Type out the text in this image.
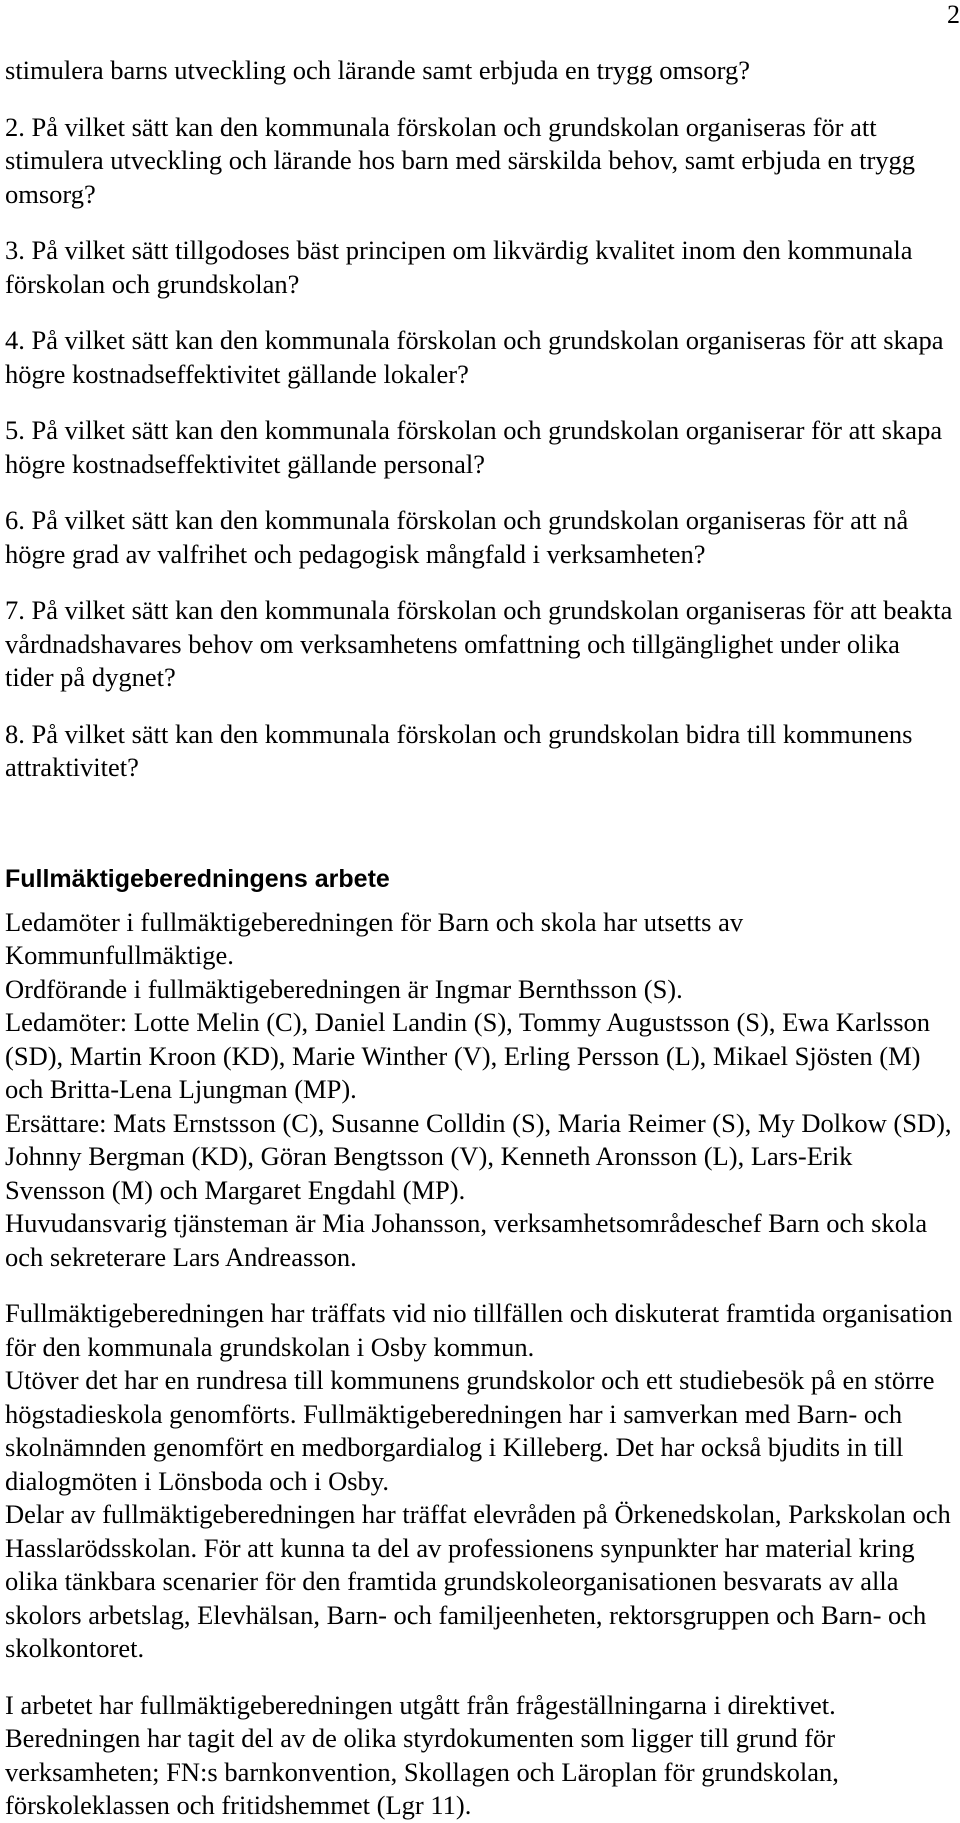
2

stimulera barns utveckling och lärande samt erbjuda en trygg omsorg?

2. På vilket sätt kan den kommunala förskolan och grundskolan organiseras för att stimulera utveckling och lärande hos barn med särskilda behov, samt erbjuda en trygg omsorg?

3. På vilket sätt tillgodoses bäst principen om likvärdig kvalitet inom den kommunala förskolan och grundskolan?

4. På vilket sätt kan den kommunala förskolan och grundskolan organiseras för att skapa högre kostnadseffektivitet gällande lokaler?

5. På vilket sätt kan den kommunala förskolan och grundskolan organiserar för att skapa högre kostnadseffektivitet gällande personal?

6. På vilket sätt kan den kommunala förskolan och grundskolan organiseras för att nå högre grad av valfrihet och pedagogisk mångfald i verksamheten?

7. På vilket sätt kan den kommunala förskolan och grundskolan organiseras för att beakta vårdnadshavares behov om verksamhetens omfattning och tillgänglighet under olika tider på dygnet?

8. På vilket sätt kan den kommunala förskolan och grundskolan bidra till kommunens attraktivitet?

Fullmäktigeberedningens arbete

Ledamöter i fullmäktigeberedningen för Barn och skola har utsetts av Kommunfullmäktige.

Ordförande i fullmäktigeberedningen är Ingmar Bernthsson (S).

Ledamöter: Lotte Melin (C), Daniel Landin (S), Tommy Augustsson (S), Ewa Karlsson (SD), Martin Kroon (KD), Marie Winther (V), Erling Persson (L), Mikael Sjösten (M) och Britta-Lena Ljungman (MP).

Ersättare: Mats Ernstsson (C), Susanne Colldin (S), Maria Reimer (S), My Dolkow (SD), Johnny Bergman (KD), Göran Bengtsson (V), Kenneth Aronsson (L), Lars-Erik Svensson (M) och Margaret Engdahl (MP).

Huvudansvarig tjänsteman är Mia Johansson, verksamhetsområdeschef Barn och skola och sekreterare Lars Andreasson.

Fullmäktigeberedningen har träffats vid nio tillfällen och diskuterat framtida organisation för den kommunala grundskolan i Osby kommun.

Utöver det har en rundresa till kommunens grundskolor och ett studiebesök på en större högstadieskola genomförts. Fullmäktigeberedningen har i samverkan med Barn- och skolnämnden genomfört en medborgardialog i Killeberg. Det har också bjudits in till dialogmöten i Lönsboda och i Osby.

Delar av fullmäktigeberedningen har träffat elevråden på Örkenedskolan, Parkskolan och Hasslarödsskolan. För att kunna ta del av professionens synpunkter har material kring olika tänkbara scenarier för den framtida grundskoleorganisationen besvarats av alla skolors arbetslag, Elevhälsan, Barn- och familjeenheten, rektorsgruppen och Barn- och skolkontoret.

I arbetet har fullmäktigeberedningen utgått från frågeställningarna i direktivet. Beredningen har tagit del av de olika styrdokumenten som ligger till grund för verksamheten; FN:s barnkonvention, Skollagen och Läroplan för grundskolan, förskoleklassen och fritidshemmet (Lgr 11).
